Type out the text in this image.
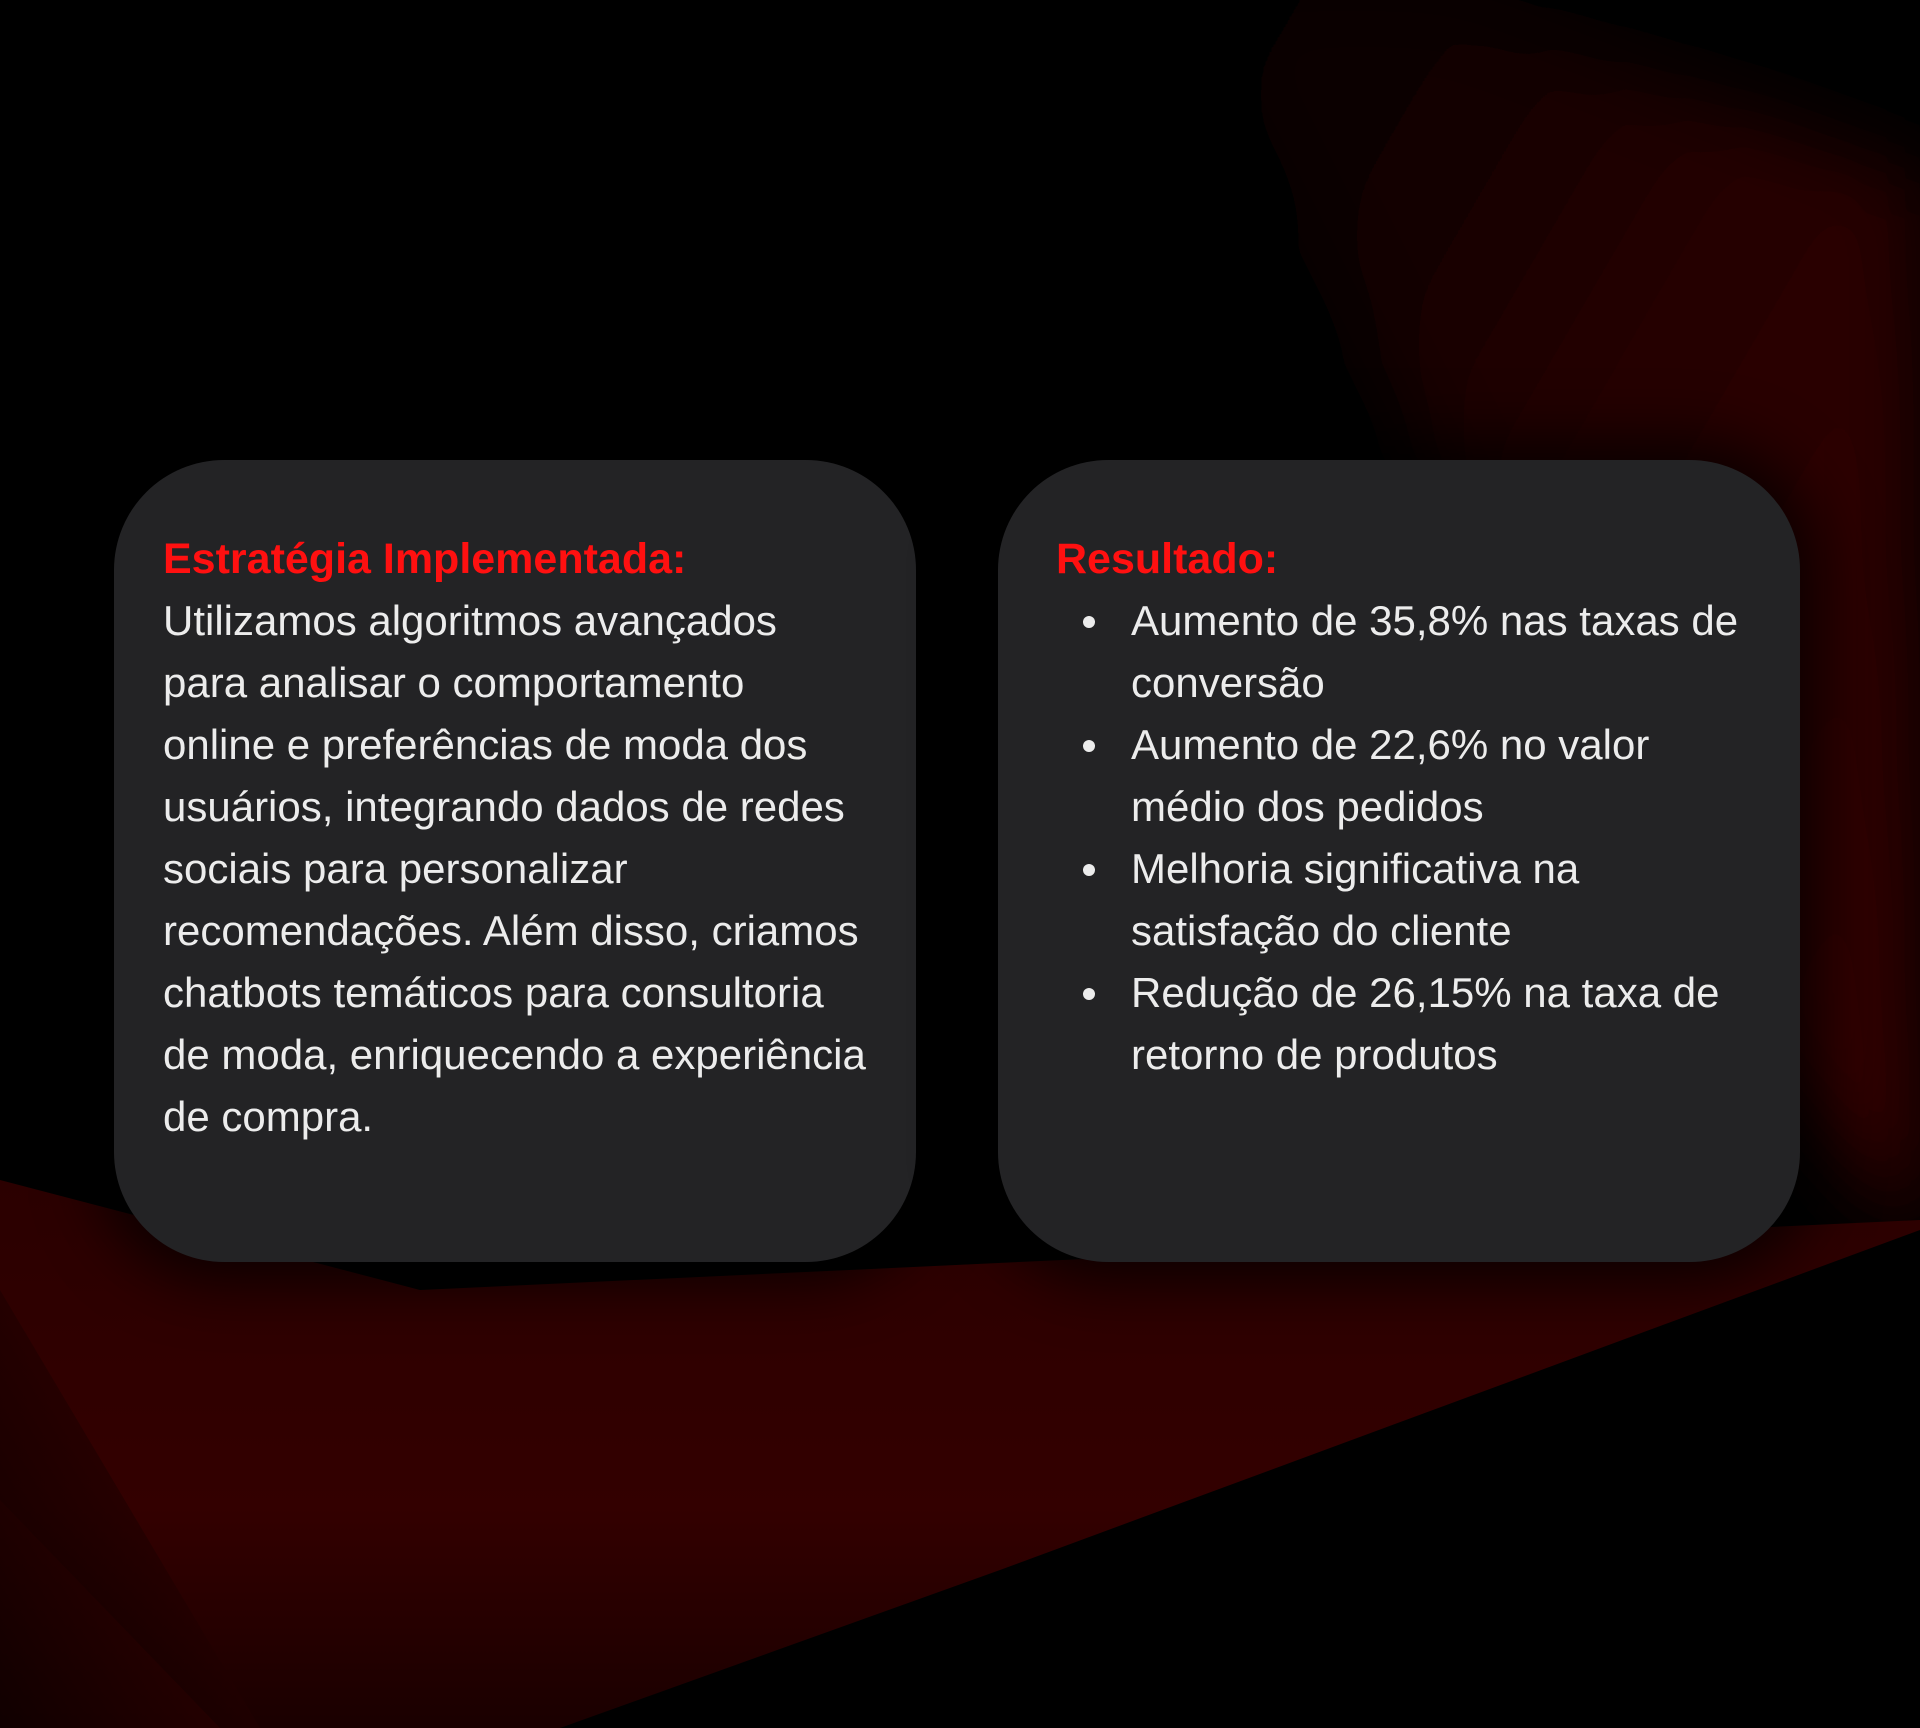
Estratégia Implementada:

Utilizamos algoritmos avançados para analisar o comportamento online e preferências de moda dos usuários, integrando dados de redes sociais para personalizar recomendações. Além disso, criamos chatbots temáticos para consultoria de moda, enriquecendo a experiência de compra.

Resultado:
Aumento de 35,8% nas taxas de conversão
Aumento de 22,6% no valor médio dos pedidos
Melhoria significativa na satisfação do cliente
Redução de 26,15% na taxa de retorno de produtos
